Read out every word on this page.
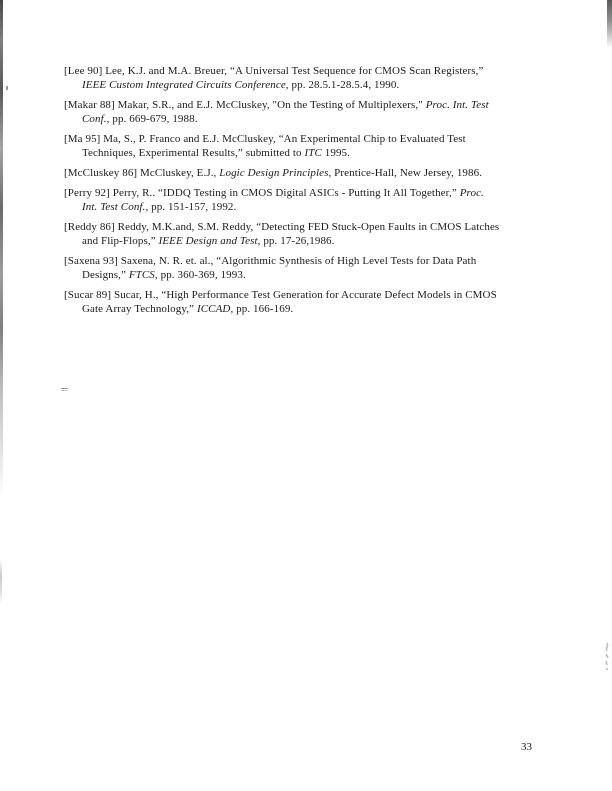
[Lee 90] Lee, K.J. and M.A. Breuer, “A Universal Test Sequence for CMOS Scan Registers,”
IEEE Custom Integrated Circuits Conference, pp. 28.5.1-28.5.4, 1990.
[Makar 88] Makar, S.R., and E.J. McCluskey, "On the Testing of Multiplexers," Proc. Int. Test
Conf., pp. 669-679, 1988.
[Ma 95] Ma, S., P. Franco and E.J. McCluskey, “An Experimental Chip to Evaluated Test
Techniques, Experimental Results,” submitted to ITC 1995.
[McCluskey 86] McCluskey, E.J., Logic Design Principles, Prentice-Hall, New Jersey, 1986.
[Perry 92] Perry, R.. “IDDQ Testing in CMOS Digital ASICs - Putting It All Together,” Proc.
Int. Test Conf., pp. 151-157, 1992.
[Reddy 86] Reddy, M.K.and, S.M. Reddy, “Detecting FED Stuck-Open Faults in CMOS Latches
and Flip-Flops,” IEEE Design and Test, pp. 17-26,1986.
[Saxena 93] Saxena, N. R. et. al., “Algorithmic Synthesis of High Level Tests for Data Path
Designs,” FTCS, pp. 360-369, 1993.
[Sucar 89] Sucar, H., “High Performance Test Generation for Accurate Defect Models in CMOS
Gate Array Technology,” ICCAD, pp. 166-169.
33
